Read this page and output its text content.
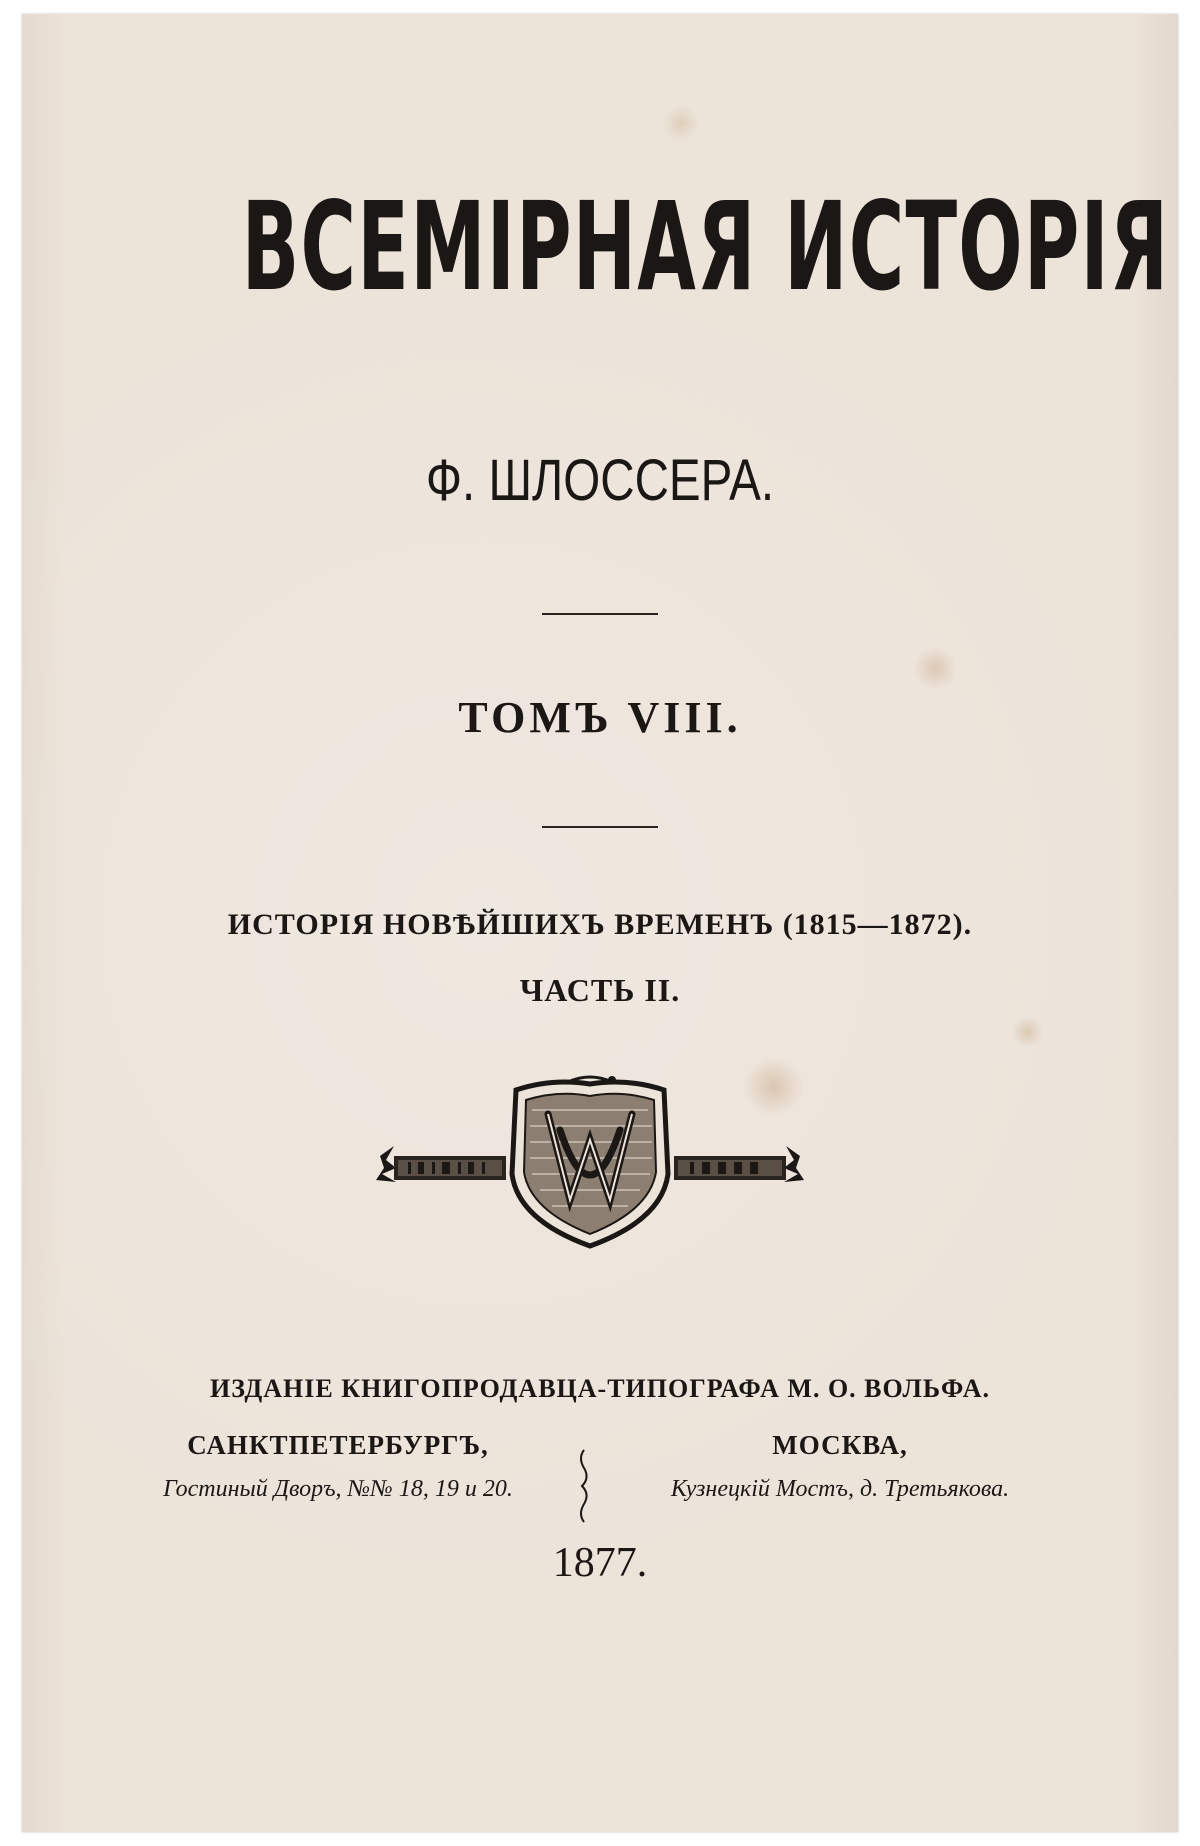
ВСЕМІРНАЯ ИСТОРІЯ
Ф. ШЛОССЕРА.
ТОМЪ VIII.
ИСТОРІЯ НОВѢЙШИХЪ ВРЕМЕНЪ (1815—1872).
ЧАСТЬ II.
ИЗДАНІЕ КНИГОПРОДАВЦА-ТИПОГРАФА М. О. ВОЛЬФА.
САНКТПЕТЕРБУРГЪ,
Гостиный Дворъ, №№ 18, 19 и 20.
МОСКВА,
Кузнецкій Мостъ, д. Третьякова.
1877.
